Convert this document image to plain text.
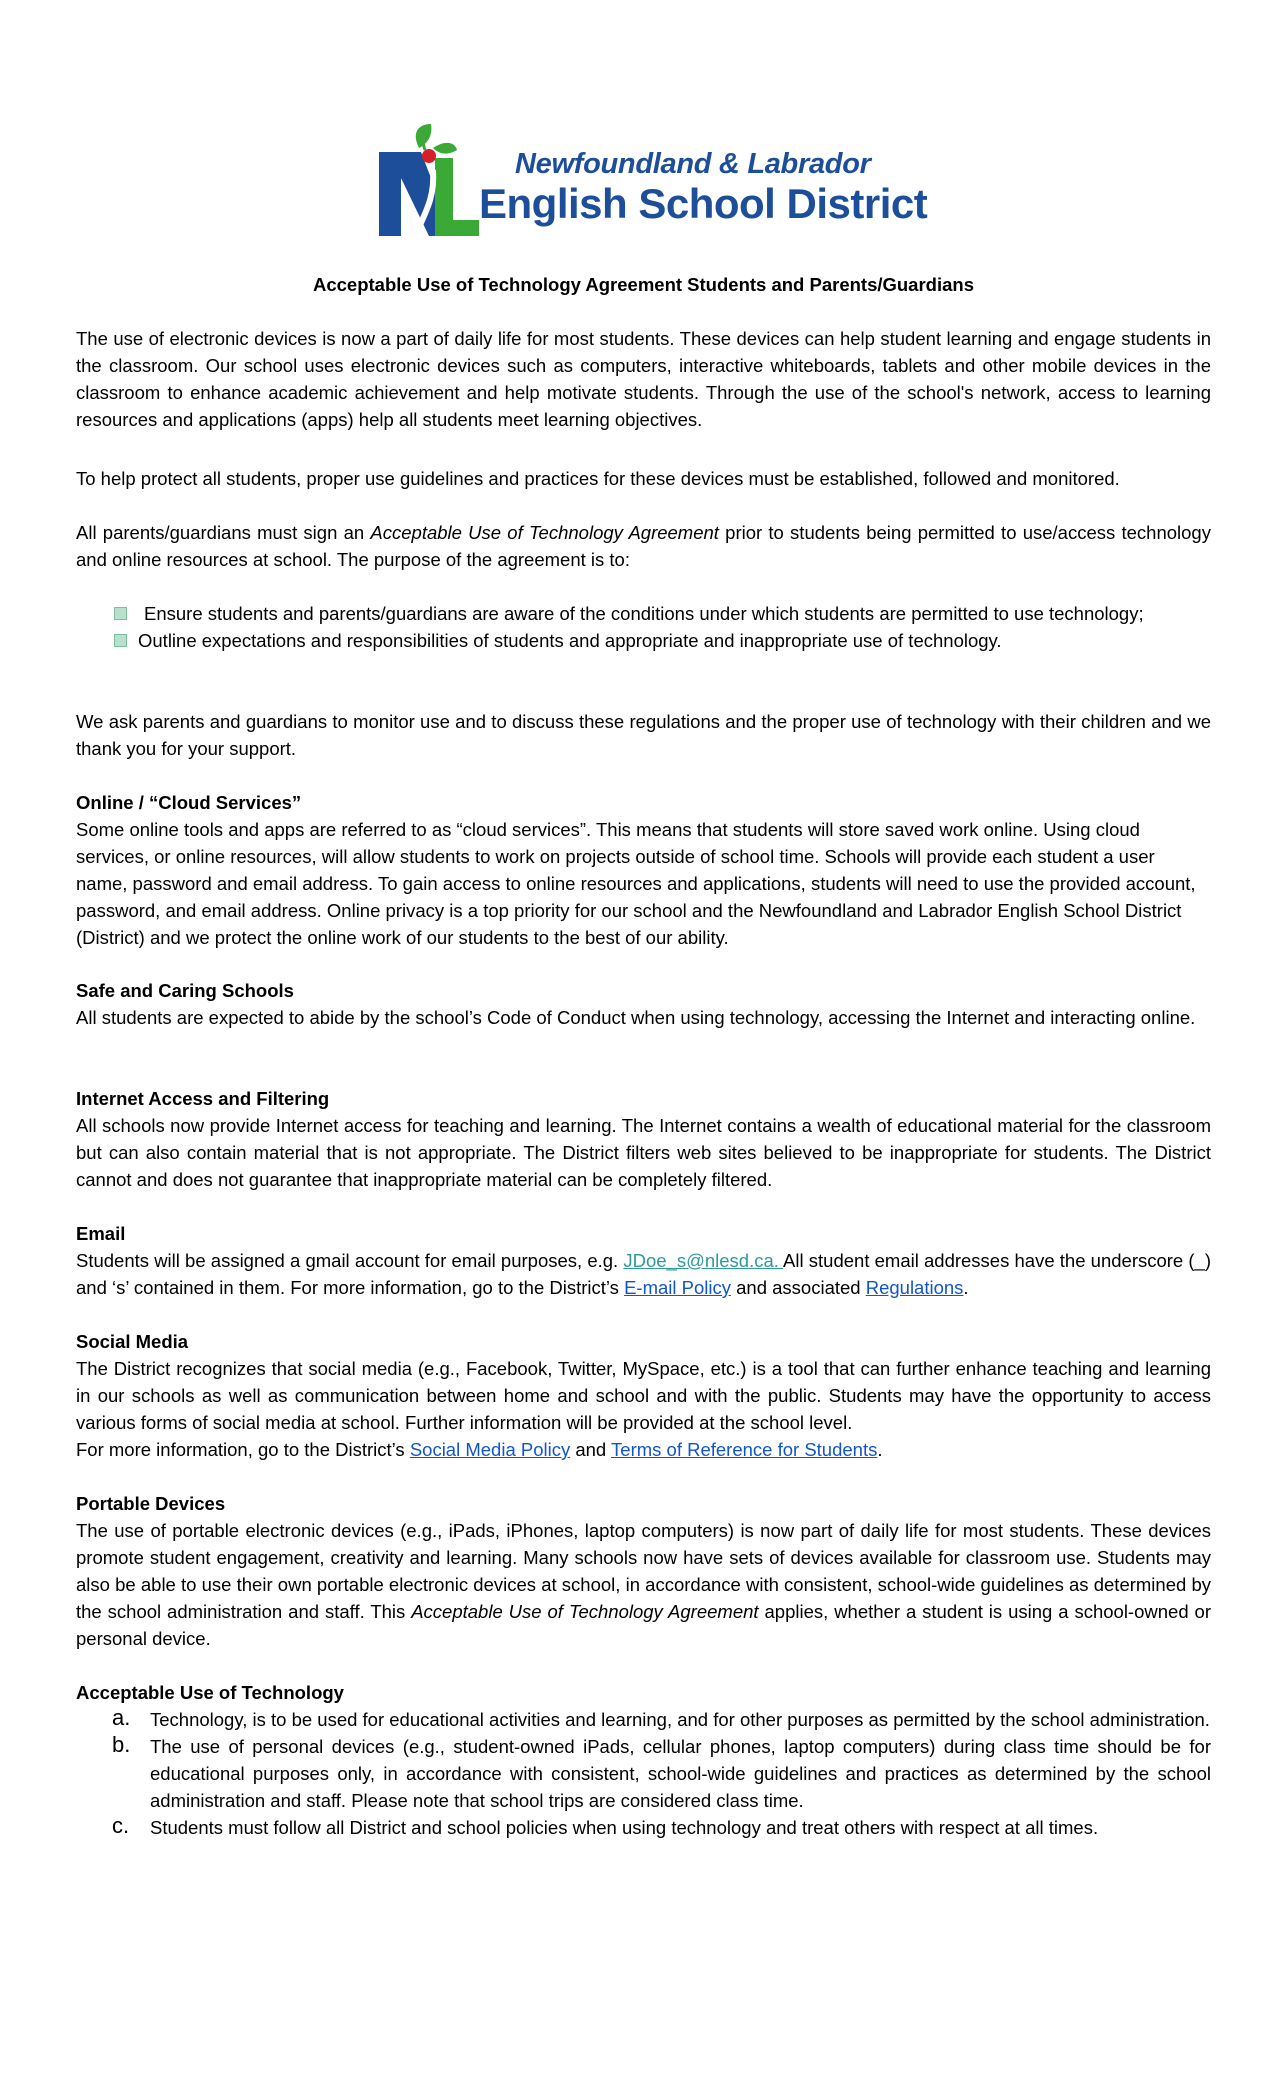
Newfoundland & Labrador
English School District
Acceptable Use of Technology Agreement Students and Parents/Guardians

The use of electronic devices is now a part of daily life for most students. These devices can help student learning and engage students in the classroom. Our school uses electronic devices such as computers, interactive whiteboards, tablets and other mobile devices in the classroom to enhance academic achievement and help motivate students. Through the use of the school's network, access to learning resources and applications (apps) help all students meet learning objectives.

To help protect all students, proper use guidelines and practices for these devices must be established, followed and monitored.

All parents/guardians must sign an Acceptable Use of Technology Agreement prior to students being permitted to use/access technology and online resources at school. The purpose of the agreement is to:

Ensure students and parents/guardians are aware of the conditions under which students are permitted to use technology;
Outline expectations and responsibilities of students and appropriate and inappropriate use of technology.

We ask parents and guardians to monitor use and to discuss these regulations and the proper use of technology with their children and we thank you for your support.

Online / “Cloud Services”

Some online tools and apps are referred to as “cloud services”. This means that students will store saved work online. Using cloud services, or online resources, will allow students to work on projects outside of school time. Schools will provide each student a user name, password and email address. To gain access to online resources and applications, students will need to use the provided account, password, and email address. Online privacy is a top priority for our school and the Newfoundland and Labrador English School District (District) and we protect the online work of our students to the best of our ability.

Safe and Caring Schools

All students are expected to abide by the school’s Code of Conduct when using technology, accessing the Internet and interacting online.

Internet Access and Filtering

All schools now provide Internet access for teaching and learning. The Internet contains a wealth of educational material for the classroom but can also contain material that is not appropriate. The District filters web sites believed to be inappropriate for students. The District cannot and does not guarantee that inappropriate material can be completely filtered.

Email

Students will be assigned a gmail account for email purposes, e.g. JDoe_s@nlesd.ca. All student email addresses have the underscore (_) and ‘s’ contained in them. For more information, go to the District’s E-mail Policy and associated Regulations.

Social Media

The District recognizes that social media (e.g., Facebook, Twitter, MySpace, etc.) is a tool that can further enhance teaching and learning in our schools as well as communication between home and school and with the public. Students may have the opportunity to access various forms of social media at school. Further information will be provided at the school level.

For more information, go to the District’s Social Media Policy and Terms of Reference for Students.

Portable Devices

The use of portable electronic devices (e.g., iPads, iPhones, laptop computers) is now part of daily life for most students. These devices promote student engagement, creativity and learning. Many schools now have sets of devices available for classroom use. Students may also be able to use their own portable electronic devices at school, in accordance with consistent, school-wide guidelines as determined by the school administration and staff. This Acceptable Use of Technology Agreement applies, whether a student is using a school-owned or personal device.

Acceptable Use of Technology
a. Technology, is to be used for educational activities and learning, and for other purposes as permitted by the school administration.
b. The use of personal devices (e.g., student-owned iPads, cellular phones, laptop computers) during class time should be for educational purposes only, in accordance with consistent, school-wide guidelines and practices as determined by the school administration and staff. Please note that school trips are considered class time.
c. Students must follow all District and school policies when using technology and treat others with respect at all times.
